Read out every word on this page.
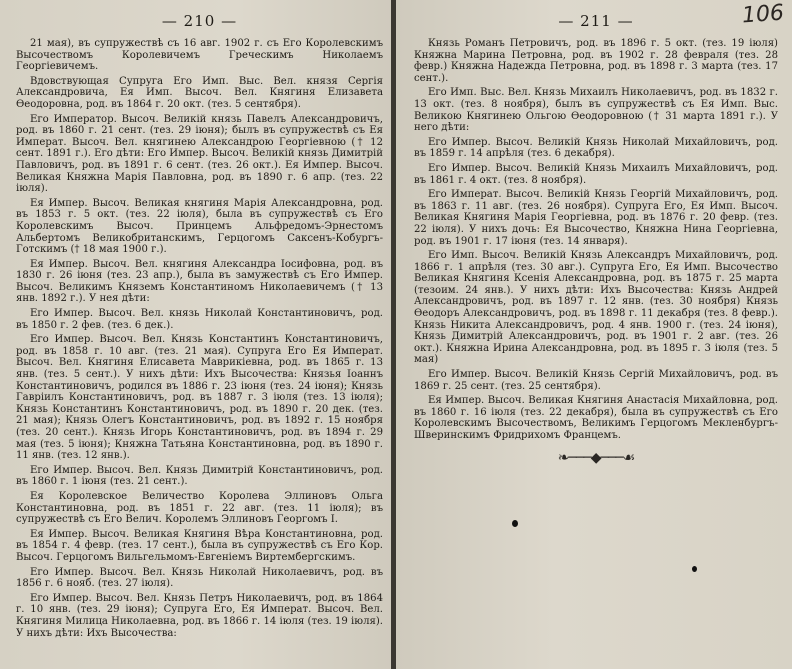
— 210 —

21 мая), въ супружествѣ съ 16 авг. 1902 г. съ Его Королевскимъ Высочествомъ Королевичемъ Греческимъ Николаемъ Георгіевичемъ.

Вдовствующая Супруга Его Имп. Выс. Вел. князя Сергія Александровича, Ея Имп. Высоч. Вел. Княгиня Елизавета Ѳеодоровна, род. въ 1864 г. 20 окт. (тез. 5 сентября).

Его Император. Высоч. Великій князь Павелъ Александровичъ, род. въ 1860 г. 21 сент. (тез. 29 іюня); былъ въ супружествѣ съ Ея Императ. Высоч. Вел. княгинею Александрою Георгіевною († 12 сент. 1891 г.). Его дѣти: Его Импер. Высоч. Великій князь Димитрій Павловичъ, род. въ 1891 г. 6 сент. (тез. 26 окт.). Ея Импер. Высоч. Великая Княжна Марія Павловна, род. въ 1890 г. 6 апр. (тез. 22 іюля).

Ея Импер. Высоч. Великая княгиня Марія Александровна, род. въ 1853 г. 5 окт. (тез. 22 іюля), была въ супружествѣ съ Его Королевскимъ Высоч. Принцемъ Альфредомъ-Эрнестомъ Альбертомъ Великобританскимъ, Герцогомъ Саксенъ-Кобургъ-Готскимъ († 18 мая 1900 г.).

Ея Импер. Высоч. Вел. княгиня Александра Іосифовна, род. въ 1830 г. 26 іюня (тез. 23 апр.), была въ замужествѣ съ Его Импер. Высоч. Великимъ Княземъ Константиномъ Николаевичемъ († 13 янв. 1892 г.). У нея дѣти:

Его Импер. Высоч. Вел. князь Николай Константиновичъ, род. въ 1850 г. 2 фев. (тез. 6 дек.).

Его Импер. Высоч. Вел. Князь Константинъ Константиновичъ, род. въ 1858 г. 10 авг. (тез. 21 мая). Супруга Его Ея Императ. Высоч. Вел. Княгиня Елисавета Маврикіевна, род. въ 1865 г. 13 янв. (тез. 5 сент.). У нихъ дѣти: Ихъ Высочества: Князья Іоаннъ Константиновичъ, родился въ 1886 г. 23 іюня (тез. 24 іюня); Князь Гавріилъ Константиновичъ, род. въ 1887 г. 3 іюля (тез. 13 іюля); Князь Константинъ Константиновичъ, род. въ 1890 г. 20 дек. (тез. 21 мая); Князь Олегъ Константиновичъ, род. въ 1892 г. 15 ноября (тез. 20 сент.). Князь Игорь Константиновичъ, род. въ 1894 г. 29 мая (тез. 5 іюня); Княжна Татьяна Константиновна, род. въ 1890 г. 11 янв. (тез. 12 янв.).

Его Импер. Высоч. Вел. Князь Димитрій Константиновичъ, род. въ 1860 г. 1 іюня (тез. 21 сент.).

Ея Королевское Величество Королева Эллиновъ Ольга Константиновна, род. въ 1851 г. 22 авг. (тез. 11 іюля); въ супружествѣ съ Его Велич. Королемъ Эллиновъ Георгомъ I.

Ея Импер. Высоч. Великая Княгиня Вѣра Константиновна, род. въ 1854 г. 4 февр. (тез. 17 сент.), была въ супружествѣ съ Его Кор. Высоч. Герцогомъ Вильгельмомъ-Евгеніемъ Виртембергскимъ.

Его Импер. Высоч. Вел. Князь Николай Николаевичъ, род. въ 1856 г. 6 нояб. (тез. 27 іюля).

Его Импер. Высоч. Вел. Князь Петръ Николаевичъ, род. въ 1864 г. 10 янв. (тез. 29 іюня); Супруга Его, Ея Императ. Высоч. Вел. Княгиня Милица Николаевна, род. въ 1866 г. 14 іюля (тез. 19 іюля). У нихъ дѣти: Ихъ Высочества:

106
— 211 —

Князь Романъ Петровичъ, род. въ 1896 г. 5 окт. (тез. 19 іюля) Княжна Марина Петровна, род. въ 1902 г. 28 февраля (тез. 28 февр.) Княжна Надежда Петровна, род. въ 1898 г. 3 марта (тез. 17 сент.).

Его Имп. Выс. Вел. Князь Михаилъ Николаевичъ, род. въ 1832 г. 13 окт. (тез. 8 ноября), былъ въ супружествѣ съ Ея Имп. Выс. Великою Княгинею Ольгою Ѳеодоровною († 31 марта 1891 г.). У него дѣти:

Его Импер. Высоч. Великій Князь Николай Михайловичъ, род. въ 1859 г. 14 апрѣля (тез. 6 декабря).

Его Импер. Высоч. Великій Князь Михаилъ Михайловичъ, род. въ 1861 г. 4 окт. (тез. 8 ноября).

Его Императ. Высоч. Великій Князь Георгій Михайловичъ, род. въ 1863 г. 11 авг. (тез. 26 ноября). Супруга Его, Ея Имп. Высоч. Великая Княгиня Марія Георгіевна, род. въ 1876 г. 20 февр. (тез. 22 іюля). У нихъ дочь: Ея Высочество, Княжна Нина Георгіевна, род. въ 1901 г. 17 іюня (тез. 14 января).

Его Имп. Высоч. Великій Князь Александръ Михайловичъ, род. 1866 г. 1 апрѣля (тез. 30 авг.). Супруга Его, Ея Имп. Высочество Великая Княгиня Ксенія Александровна, род. въ 1875 г. 25 марта (тезоим. 24 янв.). У нихъ дѣти: Ихъ Высочества: Князь Андрей Александровичъ, род. въ 1897 г. 12 янв. (тез. 30 ноября) Князь Ѳеодоръ Александровичъ, род. въ 1898 г. 11 декабря (тез. 8 февр.). Князь Никита Александровичъ, род. 4 янв. 1900 г. (тез. 24 іюня), Князь Димитрій Александровичъ, род. въ 1901 г. 2 авг. (тез. 26 окт.). Княжна Ирина Александровна, род. въ 1895 г. 3 іюля (тез. 5 мая)

Его Импер. Высоч. Великій Князь Сергій Михайловичъ, род. въ 1869 г. 25 сент. (тез. 25 сентября).

Ея Импер. Высоч. Великая Княгиня Анастасія Михайловна, род. въ 1860 г. 16 іюля (тез. 22 декабря), была въ супружествѣ съ Его Королевскимъ Высочествомъ, Великимъ Герцогомъ Мекленбургъ-Шверинскимъ Фридрихомъ Францемъ.

❧───◆───☙
